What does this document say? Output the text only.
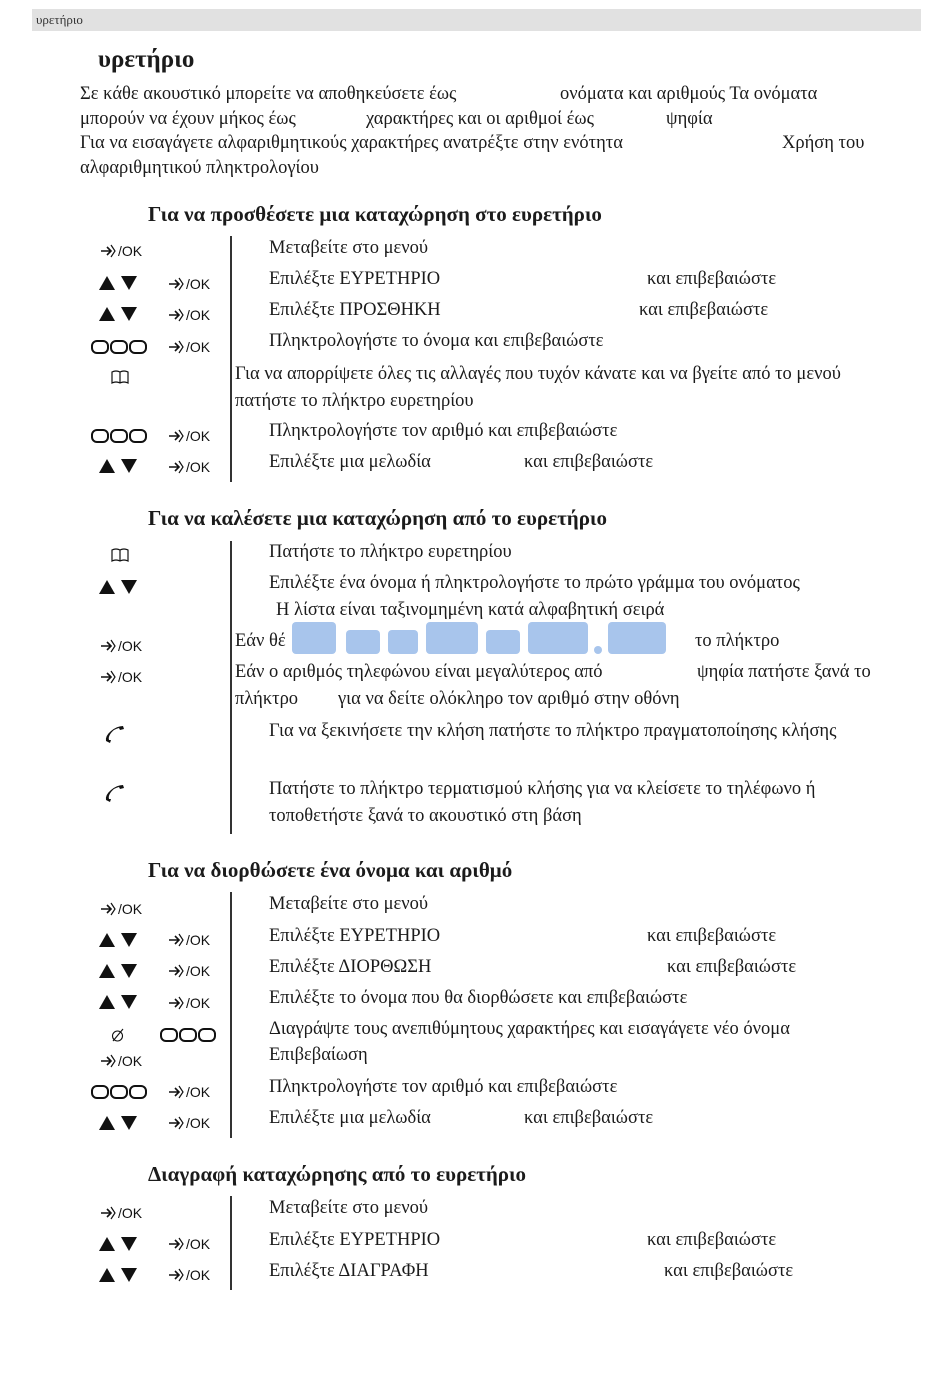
υρετήριο
υρετήριο
Σε κάθε ακουστικό μπορείτε να αποθηκεύσετε έως	ονόματα και αριθμούς Τα ονόματα
μπορούν να έχουν μήκος έως	χαρακτήρες και οι αριθμοί έως	ψηφία
Για να εισαγάγετε αλφαριθμητικούς χαρακτήρες ανατρέξτε στην ενότητα	Χρήση του
αλφαριθμητικού πληκτρολογίου
Για να προσθέσετε μια καταχώρηση στο ευρετήριο
/OK	Μεταβείτε στο μενού
/OK	Επιλέξτε ΕΥΡΕΤΗΡΙΟ	και επιβεβαιώστε
/OK	Επιλέξτε ΠΡΟΣΘΗΚΗ	και επιβεβαιώστε
/OK	Πληκτρολογήστε το όνομα και επιβεβαιώστε
Για να απορρίψετε όλες τις αλλαγές που τυχόν κάνατε και να βγείτε από το μενού πατήστε το πλήκτρο ευρετηρίου
/OK	Πληκτρολογήστε τον αριθμό και επιβεβαιώστε
/OK	Επιλέξτε μια μελωδία	και επιβεβαιώστε
Για να καλέσετε μια καταχώρηση από το ευρετήριο
Πατήστε το πλήκτρο ευρετηρίου
Επιλέξτε ένα όνομα ή πληκτρολογήστε το πρώτο γράμμα του ονόματος
Η λίστα είναι ταξινομημένη κατά αλφαβητική σειρά
/OK	Εάν θέ	το πλήκτρο
/OK	Εάν ο αριθμός τηλεφώνου είναι μεγαλύτερος από	ψηφία πατήστε ξανά το
πλήκτρο για να δείτε ολόκληρο τον αριθμό στην οθόνη
Για να ξεκινήσετε την κλήση πατήστε το πλήκτρο πραγματοποίησης κλήσης
Πατήστε το πλήκτρο τερματισμού κλήσης για να κλείσετε το τηλέφωνο ή τοποθετήστε ξανά το ακουστικό στη βάση
Για να διορθώσετε ένα όνομα και αριθμό
/OK	Μεταβείτε στο μενού
/OK	Επιλέξτε ΕΥΡΕΤΗΡΙΟ	και επιβεβαιώστε
/OK	Επιλέξτε ΔΙΟΡΘΩΣΗ	και επιβεβαιώστε
/OK	Επιλέξτε το όνομα που θα διορθώσετε και επιβεβαιώστε
Διαγράψτε τους ανεπιθύμητους χαρακτήρες και εισαγάγετε νέο όνομα
/OK	Επιβεβαίωση
/OK	Πληκτρολογήστε τον αριθμό και επιβεβαιώστε
/OK	Επιλέξτε μια μελωδία	και επιβεβαιώστε
Διαγραφή καταχώρησης από το ευρετήριο
/OK	Μεταβείτε στο μενού
/OK	Επιλέξτε ΕΥΡΕΤΗΡΙΟ	και επιβεβαιώστε
/OK	Επιλέξτε ΔΙΑΓΡΑΦΗ	και επιβεβαιώστε
